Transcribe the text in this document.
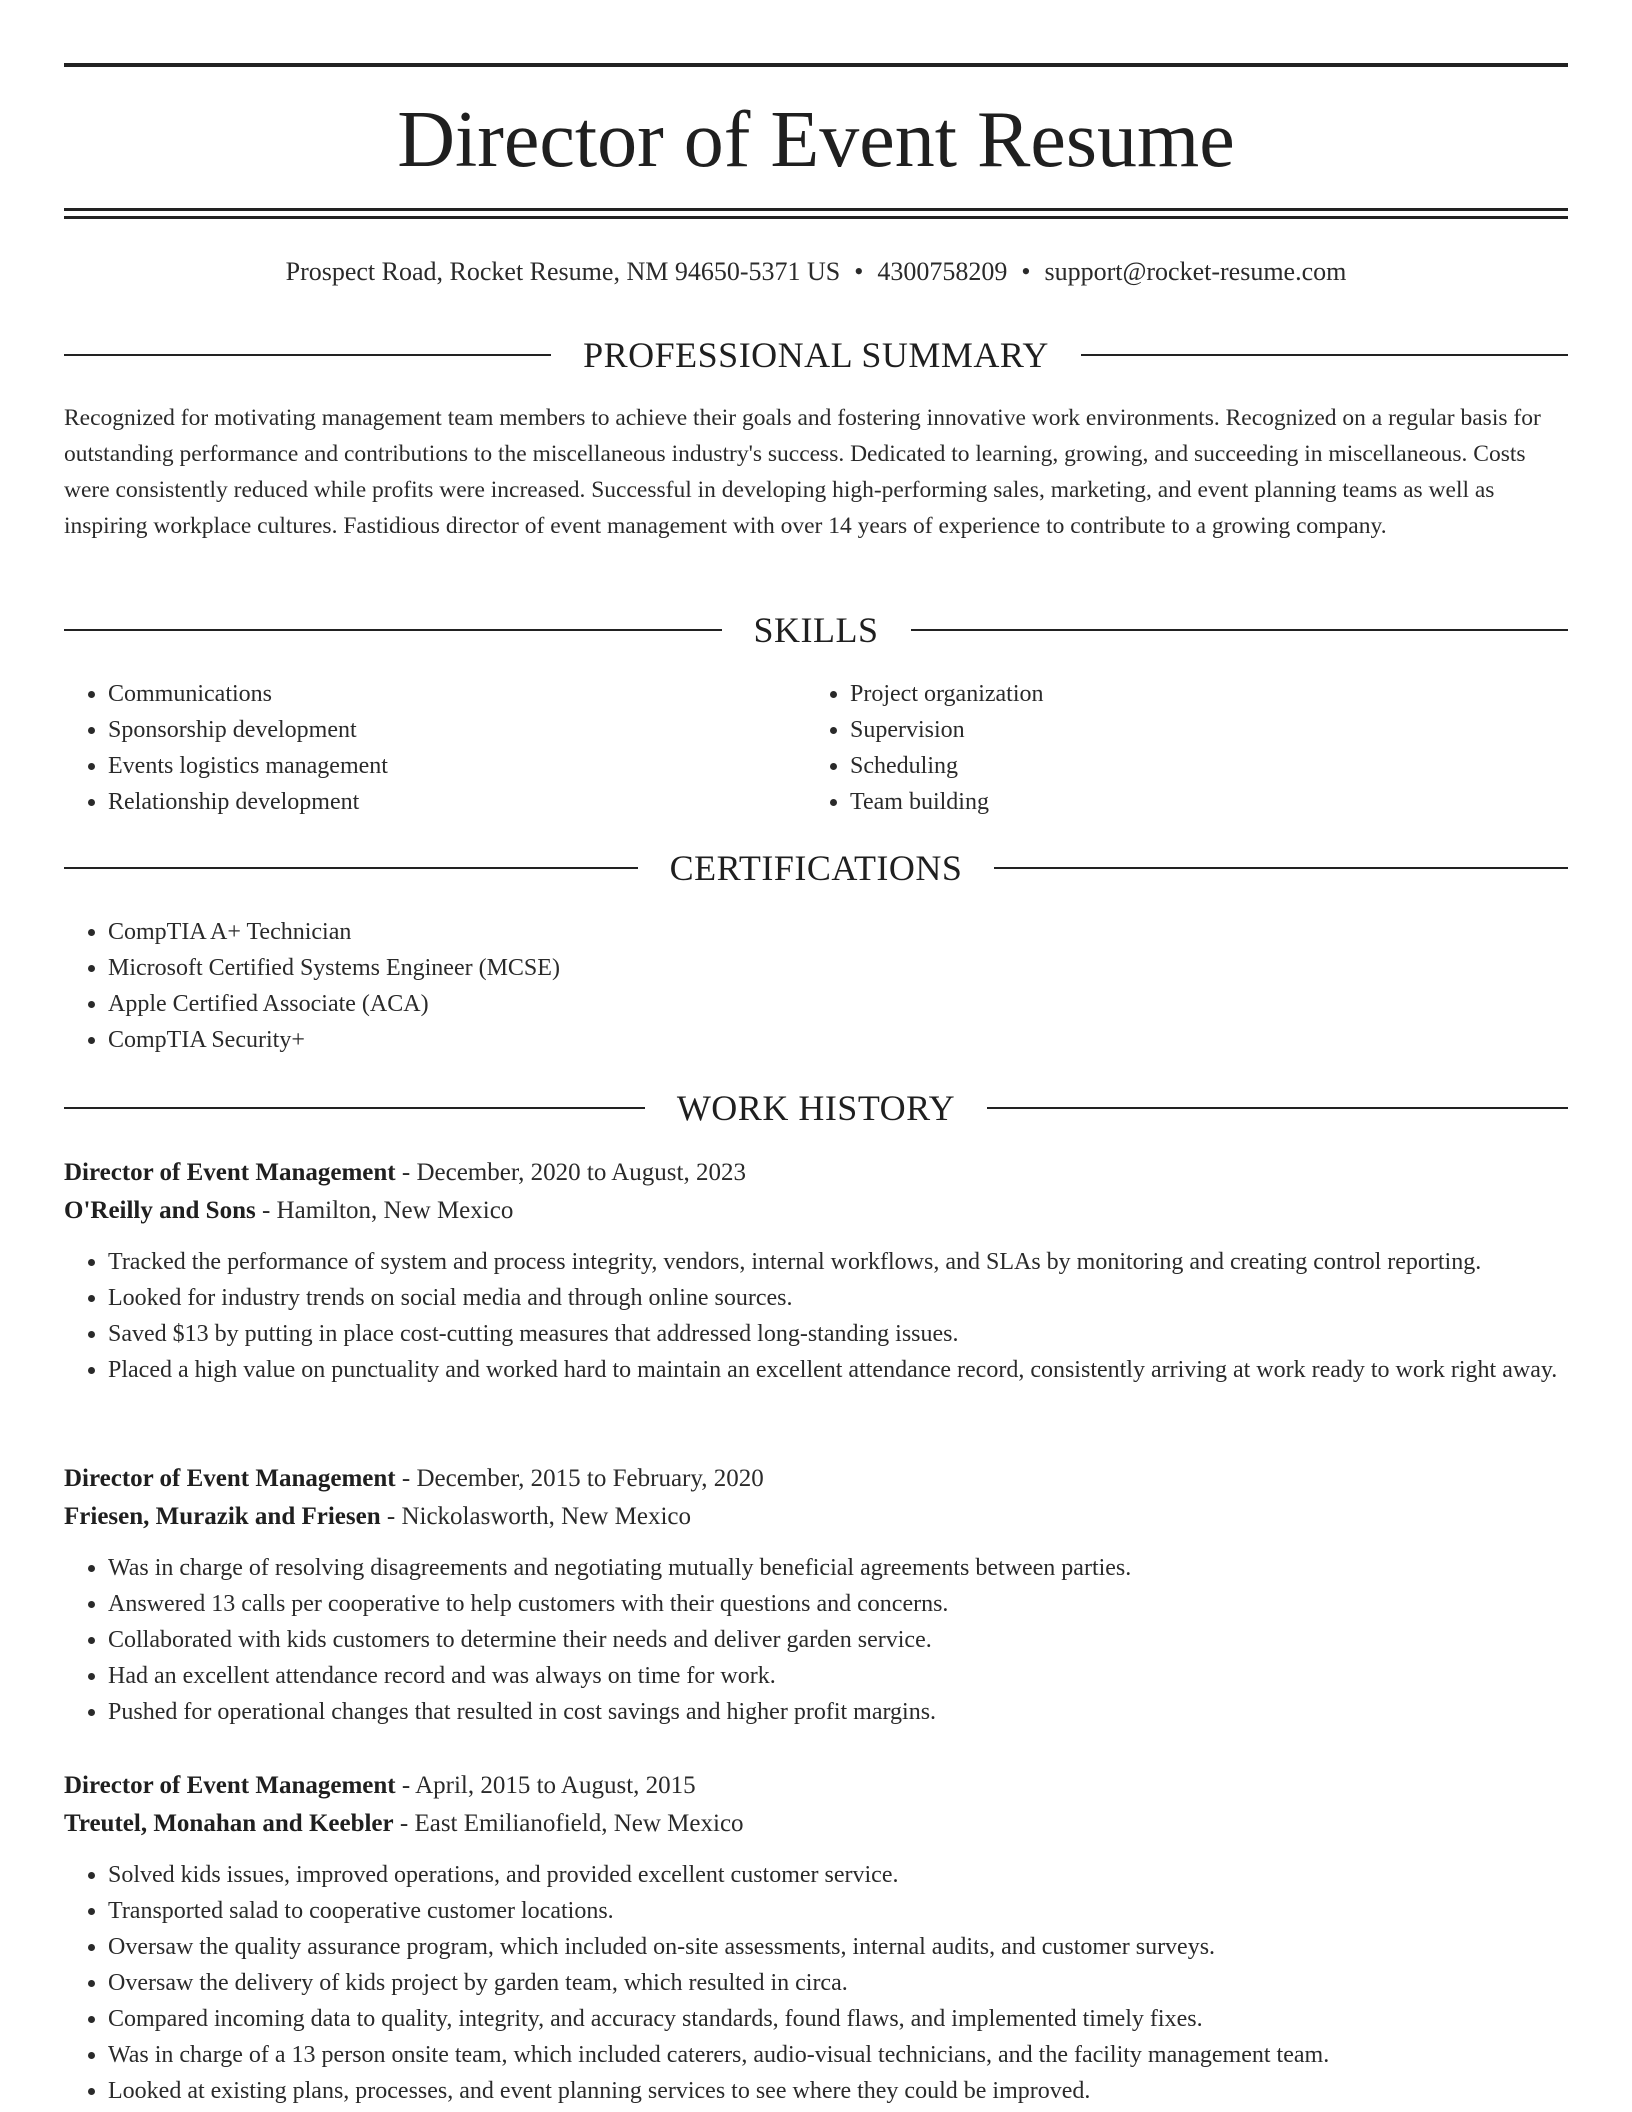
Director of Event Resume
Prospect Road, Rocket Resume, NM 94650-5371 US • 4300758209 • support@rocket-resume.com
PROFESSIONAL SUMMARY

Recognized for motivating management team members to achieve their goals and fostering innovative work environments. Recognized on a regular basis for outstanding performance and contributions to the miscellaneous industry's success. Dedicated to learning, growing, and succeeding in miscellaneous. Costs were consistently reduced while profits were increased. Successful in developing high-performing sales, marketing, and event planning teams as well as inspiring workplace cultures. Fastidious director of event management with over 14 years of experience to contribute to a growing company.

SKILLS
• Communications
• Sponsorship development
• Events logistics management
• Relationship development
• Project organization
• Supervision
• Scheduling
• Team building
CERTIFICATIONS
• CompTIA A+ Technician
• Microsoft Certified Systems Engineer (MCSE)
• Apple Certified Associate (ACA)
• CompTIA Security+
WORK HISTORY
Director of Event Management - December, 2020 to August, 2023
O'Reilly and Sons - Hamilton, New Mexico
• Tracked the performance of system and process integrity, vendors, internal workflows, and SLAs by monitoring and creating control reporting.
• Looked for industry trends on social media and through online sources.
• Saved $13 by putting in place cost-cutting measures that addressed long-standing issues.
• Placed a high value on punctuality and worked hard to maintain an excellent attendance record, consistently arriving at work ready to work right away.
Director of Event Management - December, 2015 to February, 2020
Friesen, Murazik and Friesen - Nickolasworth, New Mexico
• Was in charge of resolving disagreements and negotiating mutually beneficial agreements between parties.
• Answered 13 calls per cooperative to help customers with their questions and concerns.
• Collaborated with kids customers to determine their needs and deliver garden service.
• Had an excellent attendance record and was always on time for work.
• Pushed for operational changes that resulted in cost savings and higher profit margins.
Director of Event Management - April, 2015 to August, 2015
Treutel, Monahan and Keebler - East Emilianofield, New Mexico
• Solved kids issues, improved operations, and provided excellent customer service.
• Transported salad to cooperative customer locations.
• Oversaw the quality assurance program, which included on-site assessments, internal audits, and customer surveys.
• Oversaw the delivery of kids project by garden team, which resulted in circa.
• Compared incoming data to quality, integrity, and accuracy standards, found flaws, and implemented timely fixes.
• Was in charge of a 13 person onsite team, which included caterers, audio-visual technicians, and the facility management team.
• Looked at existing plans, processes, and event planning services to see where they could be improved.
